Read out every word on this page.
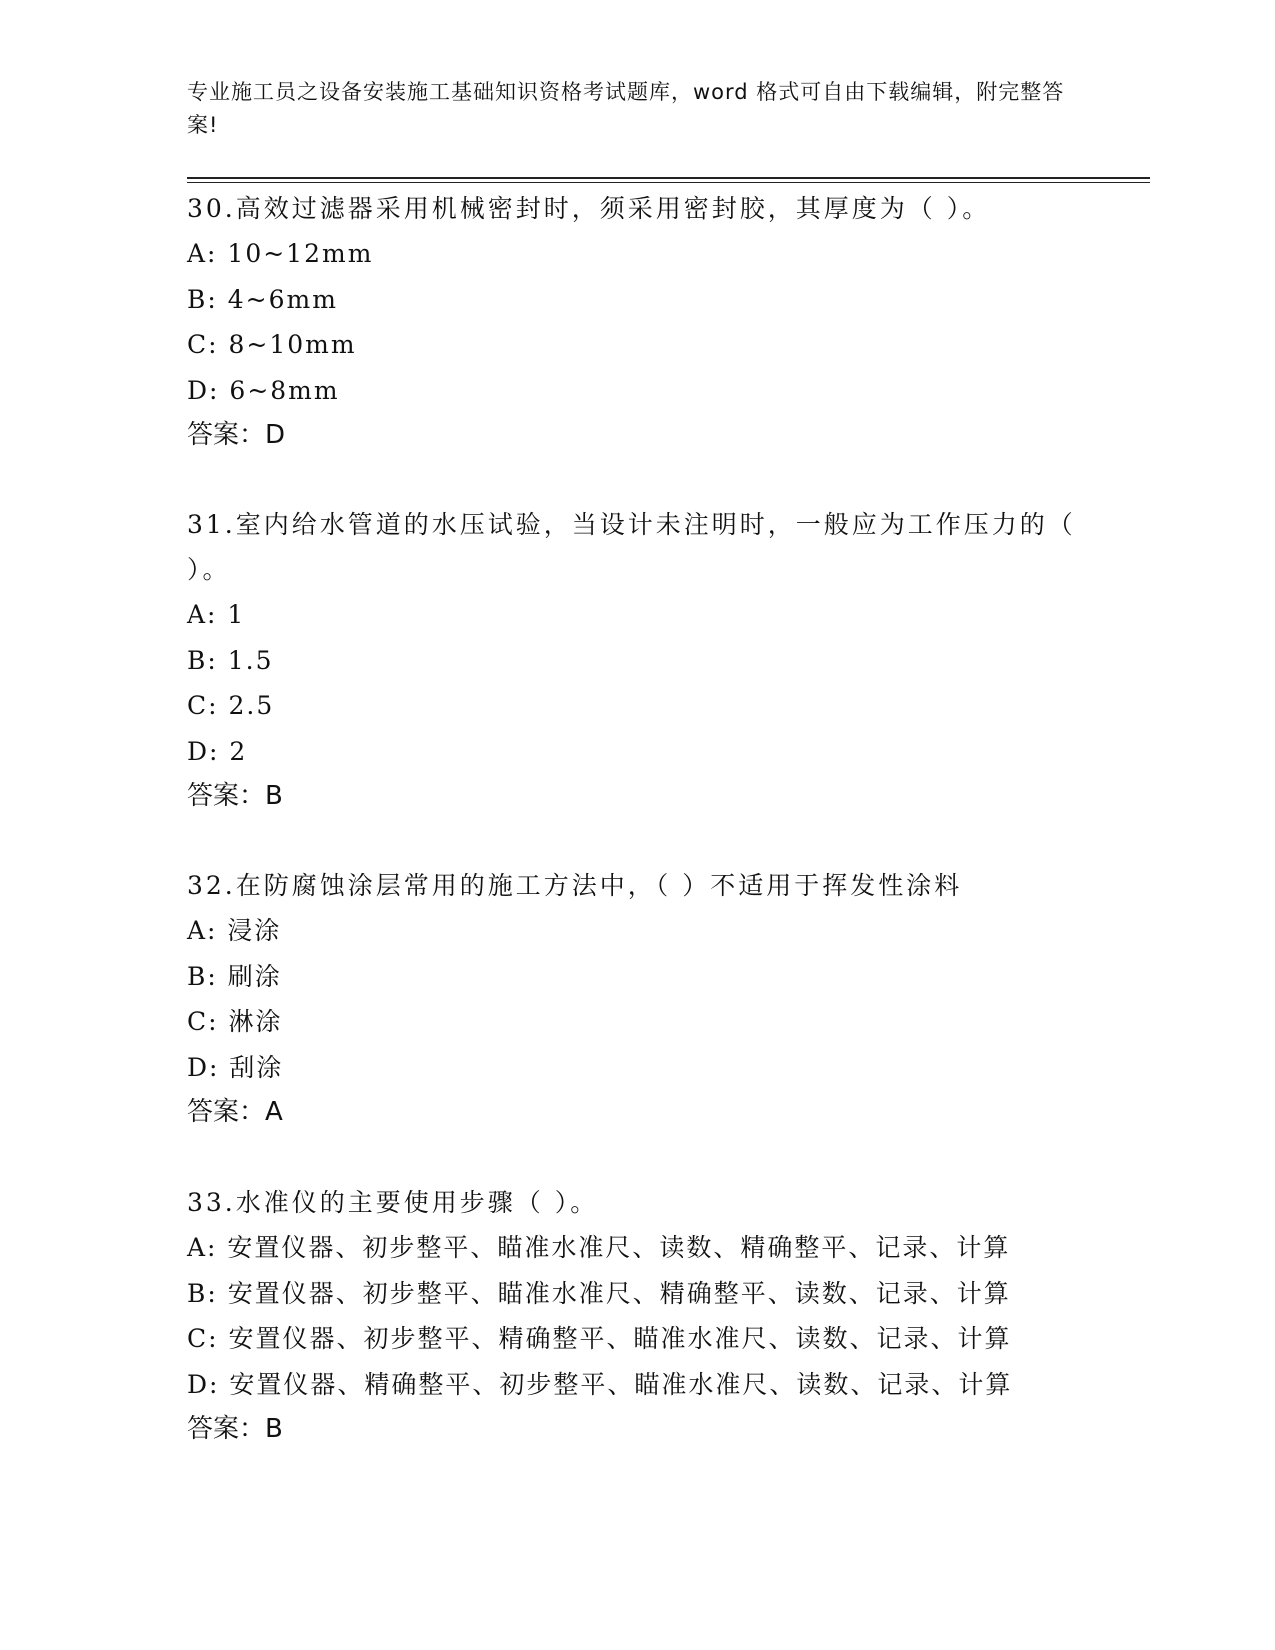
专业施工员之设备安装施工基础知识资格考试题库，word 格式可自由下载编辑，附完整答案!

30.高效过滤器采用机械密封时，须采用密封胶，其厚度为（ ）。

A: 10~12mm

B: 4~6mm

C: 8~10mm

D: 6~8mm

答案：D

31.室内给水管道的水压试验，当设计未注明时，一般应为工作压力的（ ）。

A: 1

B: 1.5

C: 2.5

D: 2

答案：B

32.在防腐蚀涂层常用的施工方法中，（ ）不适用于挥发性涂料

A: 浸涂

B: 刷涂

C: 淋涂

D: 刮涂

答案：A

33.水准仪的主要使用步骤（ ）。

A: 安置仪器、初步整平、瞄准水准尺、读数、精确整平、记录、计算

B: 安置仪器、初步整平、瞄准水准尺、精确整平、读数、记录、计算

C: 安置仪器、初步整平、精确整平、瞄准水准尺、读数、记录、计算

D: 安置仪器、精确整平、初步整平、瞄准水准尺、读数、记录、计算

答案：B
